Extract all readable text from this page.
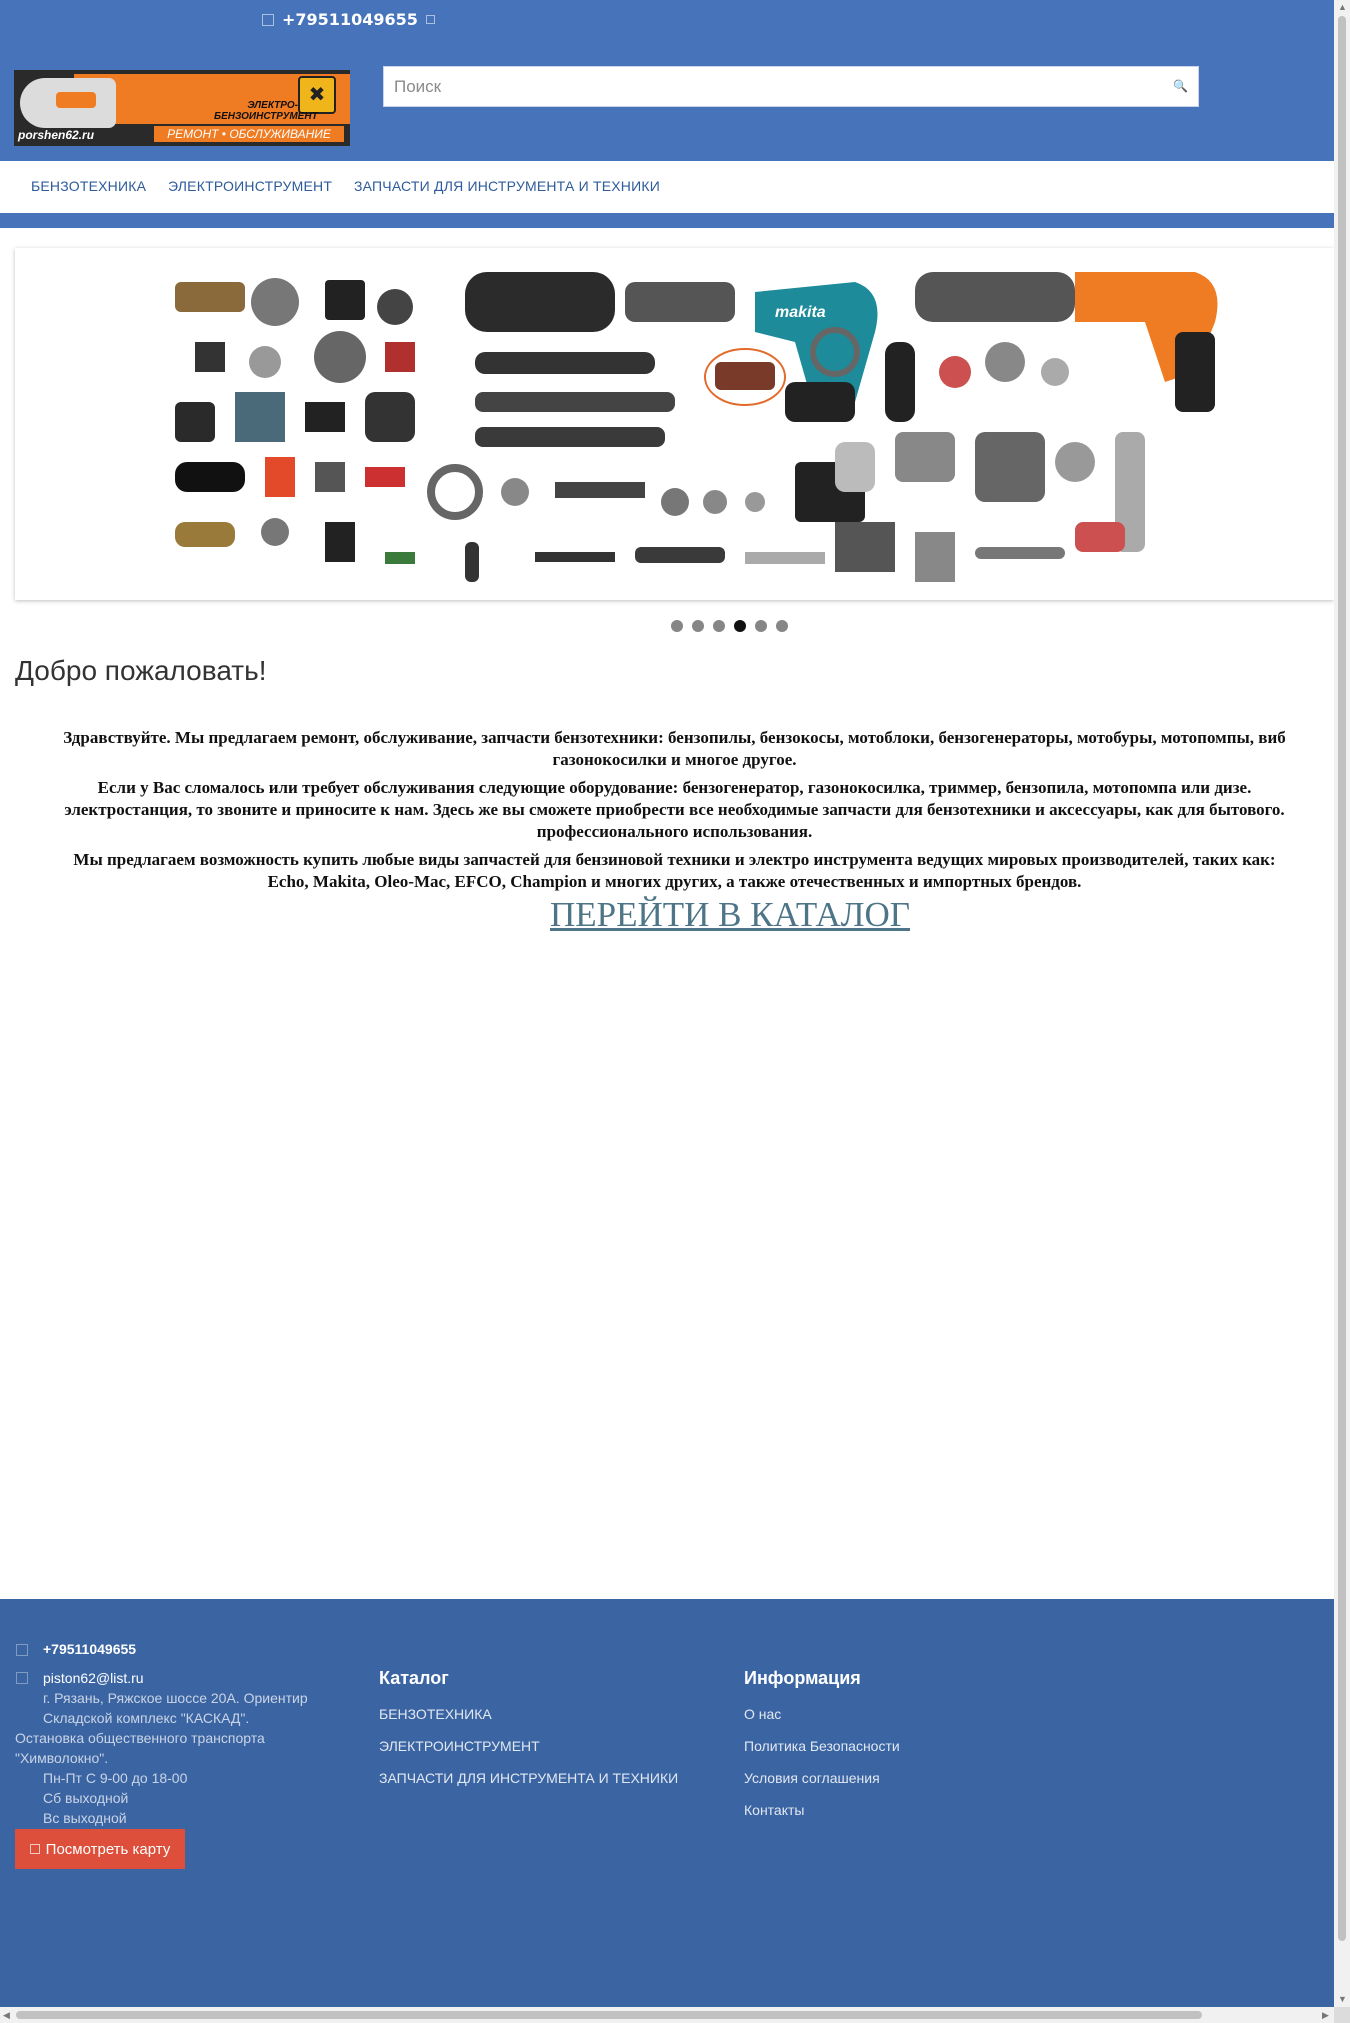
+79511049655
✖
ЭЛЕКТРО-
БЕНЗОИНСТРУМЕНТ
porshen62.ru	РЕМОНТ • ОБСЛУЖИВАНИЕ
Поиск
🔍
БЕНЗОТЕХНИКА ЭЛЕКТРОИНСТРУМЕНТ ЗАПЧАСТИ ДЛЯ ИНСТРУМЕНТА И ТЕХНИКИ
makita
Добро пожаловать!

Здравствуйте. Мы предлагаем ремонт, обслуживание, запчасти бензотехники: бензопилы, бензокосы, мотоблоки, бензогенераторы, мотобуры, мотопомпы, виб
газонокосилки и многое другое.

Если у Вас сломалось или требует обслуживания следующие оборудование: бензогенератор, газонокосилка, триммер, бензопила, мотопомпа или дизе.
электростанция, то звоните и приносите к нам. Здесь же вы сможете приобрести все необходимые запчасти для бензотехники и аксессуары, как для бытового.
профессионального использования.

Мы предлагаем возможность купить любые виды запчастей для бензиновой техники и электро инструмента ведущих мировых производителей, таких как:
Echo, Makita, Oleo-Mac, EFCO, Champion и многих других, а также отечественных и импортных брендов.

ПЕРЕЙТИ В КАТАЛОГ
+79511049655
piston62@list.ru
г. Рязань, Ряжское шоссе 20А. Ориентир
Складской комплекс "КАСКАД".
Остановка общественного транспорта
"Химволокно".
Пн-Пт С 9-00 до 18-00
Сб выходной
Вс выходной
Посмотреть карту
Каталог
БЕНЗОТЕХНИКА
ЭЛЕКТРОИНСТРУМЕНТ
ЗАПЧАСТИ ДЛЯ ИНСТРУМЕНТА И ТЕХНИКИ
Информация
О нас
Политика Безопасности
Условия соглашения
Контакты
▲
▼
◀	▶
